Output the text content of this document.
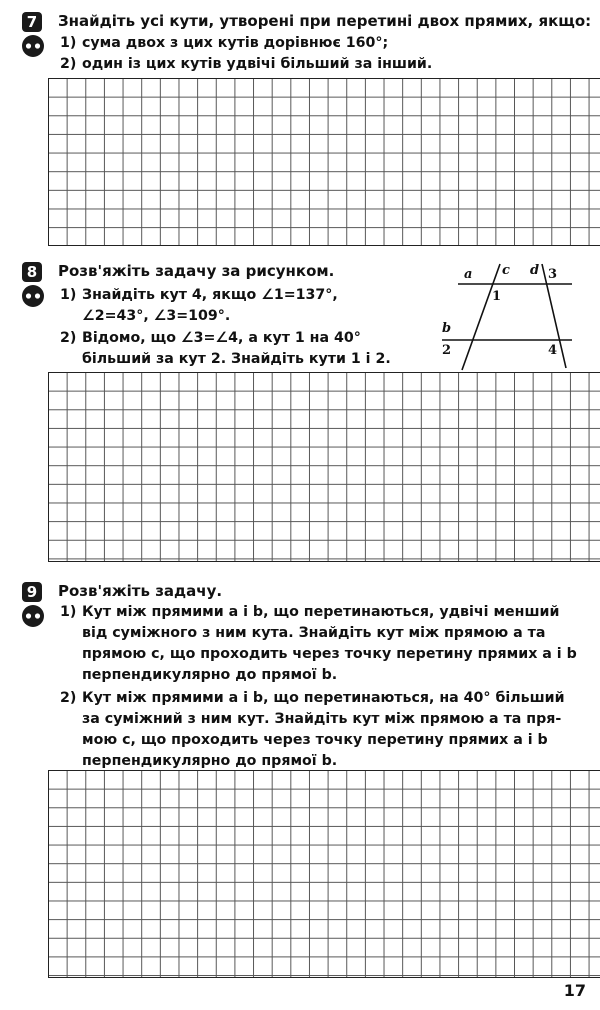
7	Знайдіть усі кути, утворені при перетині двох прямих, якщо:
1) сума двох з цих кутів дорівнює 160°;
2) один із цих кутів удвічі більший за інший.
8	Розв'яжіть задачу за рисунком.
1) Знайдіть кут 4, якщо ∠1=137°,
∠2=43°, ∠3=109°.
2) Відомо, що ∠3=∠4, а кут 1 на 40°
більший за кут 2. Знайдіть кути 1 і 2.
a c d 3
1
b
2	4
9	Розв'яжіть задачу.
1) Кут між прямими a і b, що перетинаються, удвічі менший
від суміжного з ним кута. Знайдіть кут між прямою a та
прямою c, що проходить через точку перетину прямих a і b
перпендикулярно до прямої b.
2) Кут між прямими a і b, що перетинаються, на 40° більший
за суміжний з ним кут. Знайдіть кут між прямою a та пря-
мою c, що проходить через точку перетину прямих a і b
перпендикулярно до прямої b.
17
